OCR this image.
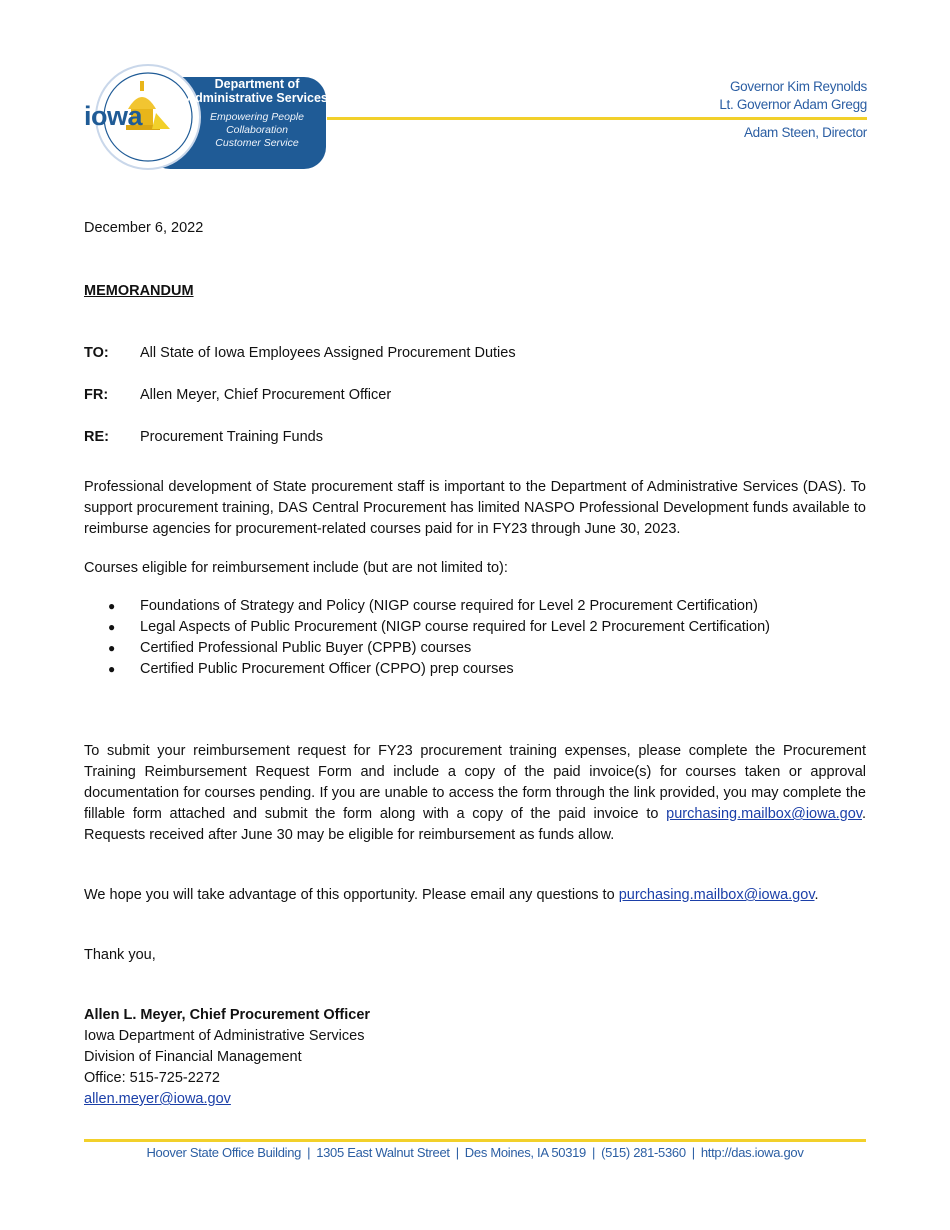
iowa
Department of
Administrative Services
Empowering People
Collaboration
Customer Service
Governor Kim Reynolds
Lt. Governor Adam Gregg
Adam Steen, Director
December 6, 2022
MEMORANDUM
TO: All State of Iowa Employees Assigned Procurement Duties
FR: Allen Meyer, Chief Procurement Officer
RE: Procurement Training Funds
Professional development of State procurement staff is important to the Department of Administrative Services (DAS). To support procurement training, DAS Central Procurement has limited NASPO Professional Development funds available to reimburse agencies for procurement-related courses paid for in FY23 through June 30, 2023.
Courses eligible for reimbursement include (but are not limited to):
● Foundations of Strategy and Policy (NIGP course required for Level 2 Procurement Certification)
● Legal Aspects of Public Procurement (NIGP course required for Level 2 Procurement Certification)
● Certified Professional Public Buyer (CPPB) courses
● Certified Public Procurement Officer (CPPO) prep courses
To submit your reimbursement request for FY23 procurement training expenses, please complete the Procurement Training Reimbursement Request Form and include a copy of the paid invoice(s) for courses taken or approval documentation for courses pending. If you are unable to access the form through the link provided, you may complete the fillable form attached and submit the form along with a copy of the paid invoice to purchasing.mailbox@iowa.gov. Requests received after June 30 may be eligible for reimbursement as funds allow.
We hope you will take advantage of this opportunity. Please email any questions to purchasing.mailbox@iowa.gov.
Thank you,
Allen L. Meyer, Chief Procurement Officer
Iowa Department of Administrative Services
Division of Financial Management
Office: 515-725-2272
allen.meyer@iowa.gov
Hoover State Office Building | 1305 East Walnut Street | Des Moines, IA 50319 | (515) 281-5360 | http://das.iowa.gov
